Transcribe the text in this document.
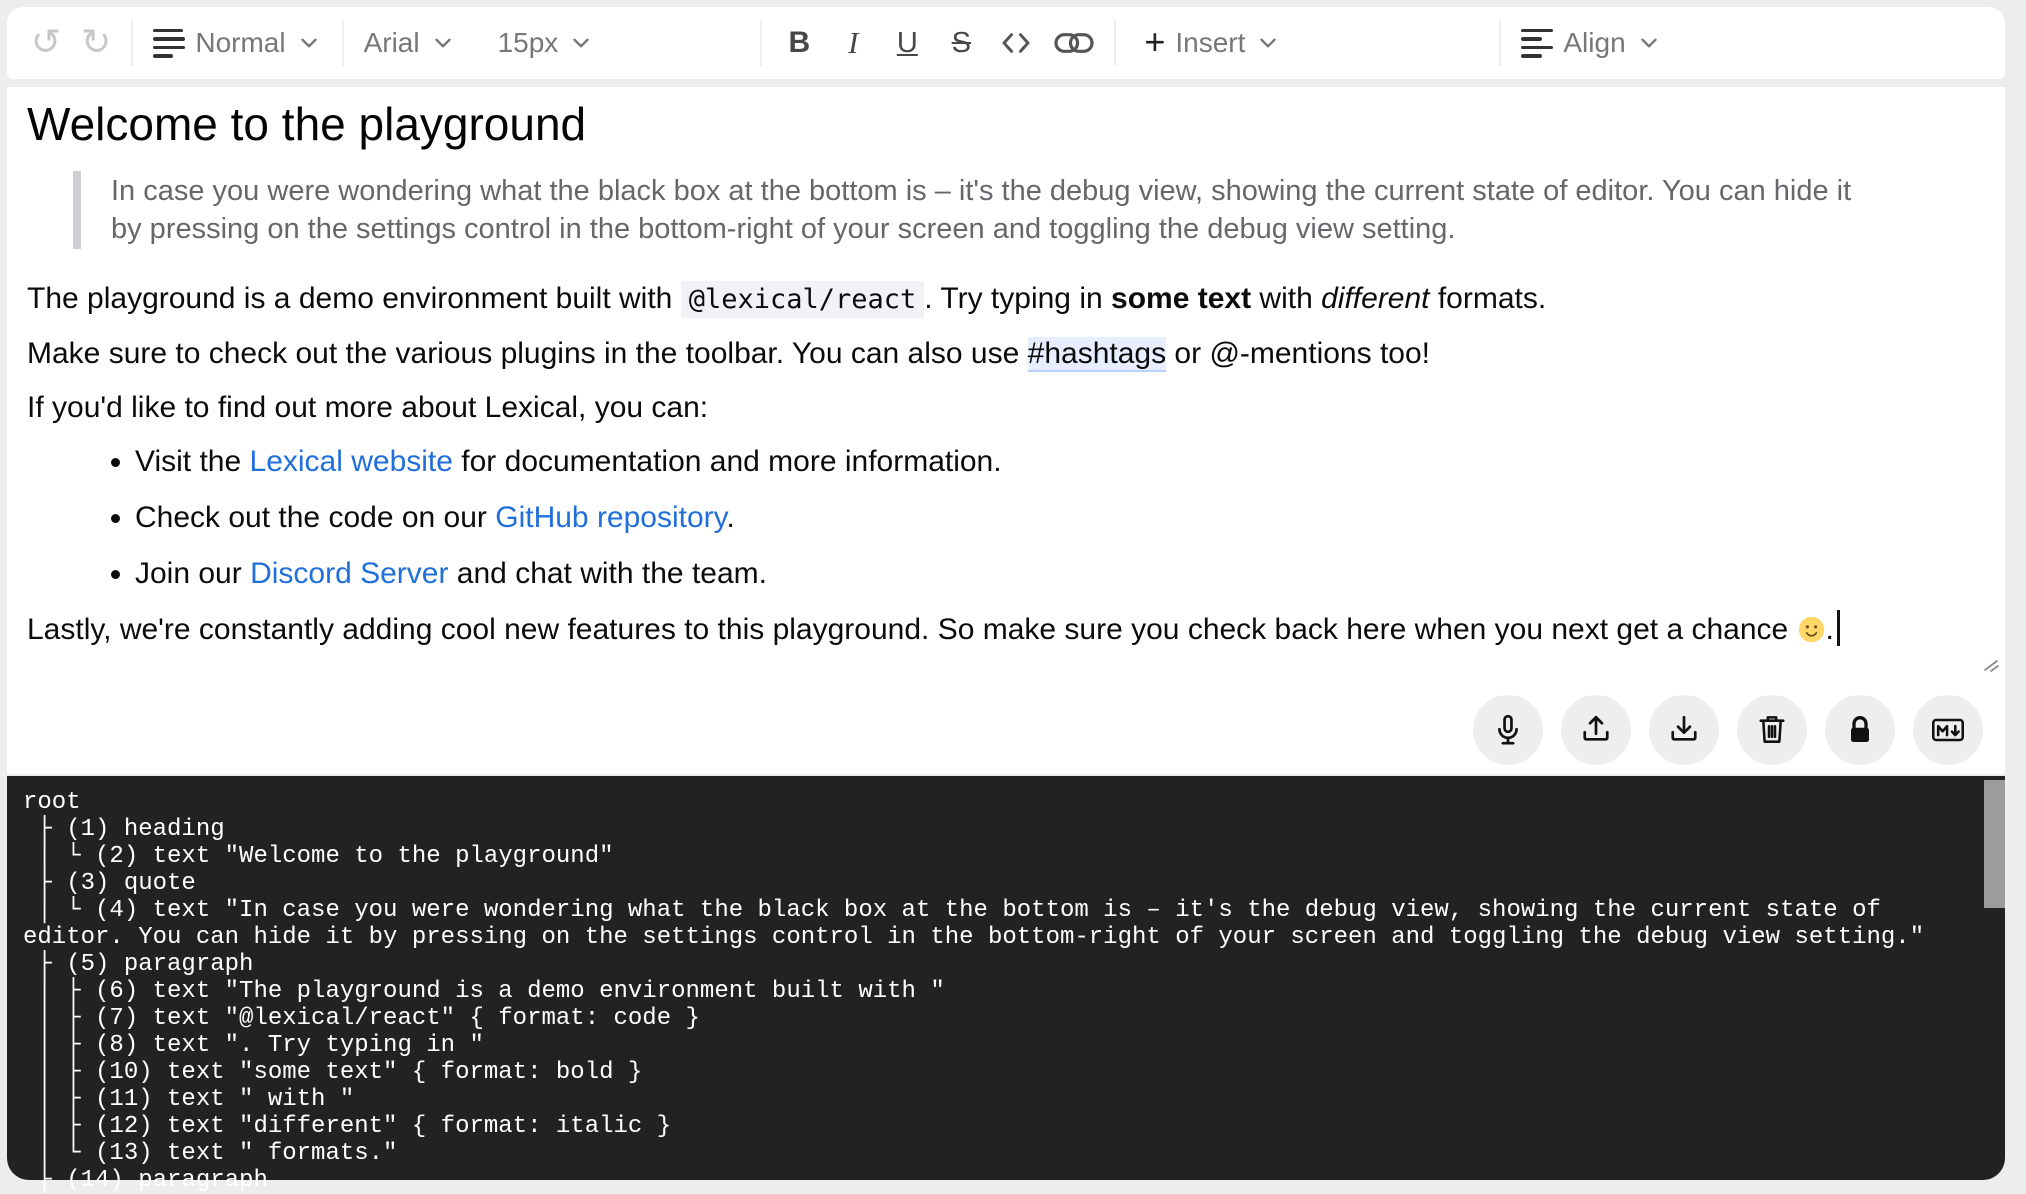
↺ ↻	Normal	Arial	15px	B	I	U S	+ Insert	Align
Welcome to the playground
In case you were wondering what the black box at the bottom is – it's the debug view, showing the current state of editor. You can hide it
by pressing on the settings control in the bottom-right of your screen and toggling the debug view setting.

The playground is a demo environment built with @lexical/react . Try typing in some text with different formats.

Make sure to check out the various plugins in the toolbar. You can also use #hashtags or @-mentions too!

If you'd like to find out more about Lexical, you can:

• Visit the Lexical website for documentation and more information.
• Check out the code on our GitHub repository.
• Join our Discord Server and chat with the team.

Lastly, we're constantly adding cool new features to this playground. So make sure you check back here when you next get a chance .

root
├ (1) heading
│ └ (2) text "Welcome to the playground"
├ (3) quote
│ └ (4) text "In case you were wondering what the black box at the bottom is – it's the debug view, showing the current state of
editor. You can hide it by pressing on the settings control in the bottom-right of your screen and toggling the debug view setting."
├ (5) paragraph
│ ├ (6) text "The playground is a demo environment built with "
│ ├ (7) text "@lexical/react" { format: code }
│ ├ (8) text ". Try typing in "
│ ├ (10) text "some text" { format: bold }
│ ├ (11) text " with "
│ ├ (12) text "different" { format: italic }
│ └ (13) text " formats."
├ (14) paragraph
